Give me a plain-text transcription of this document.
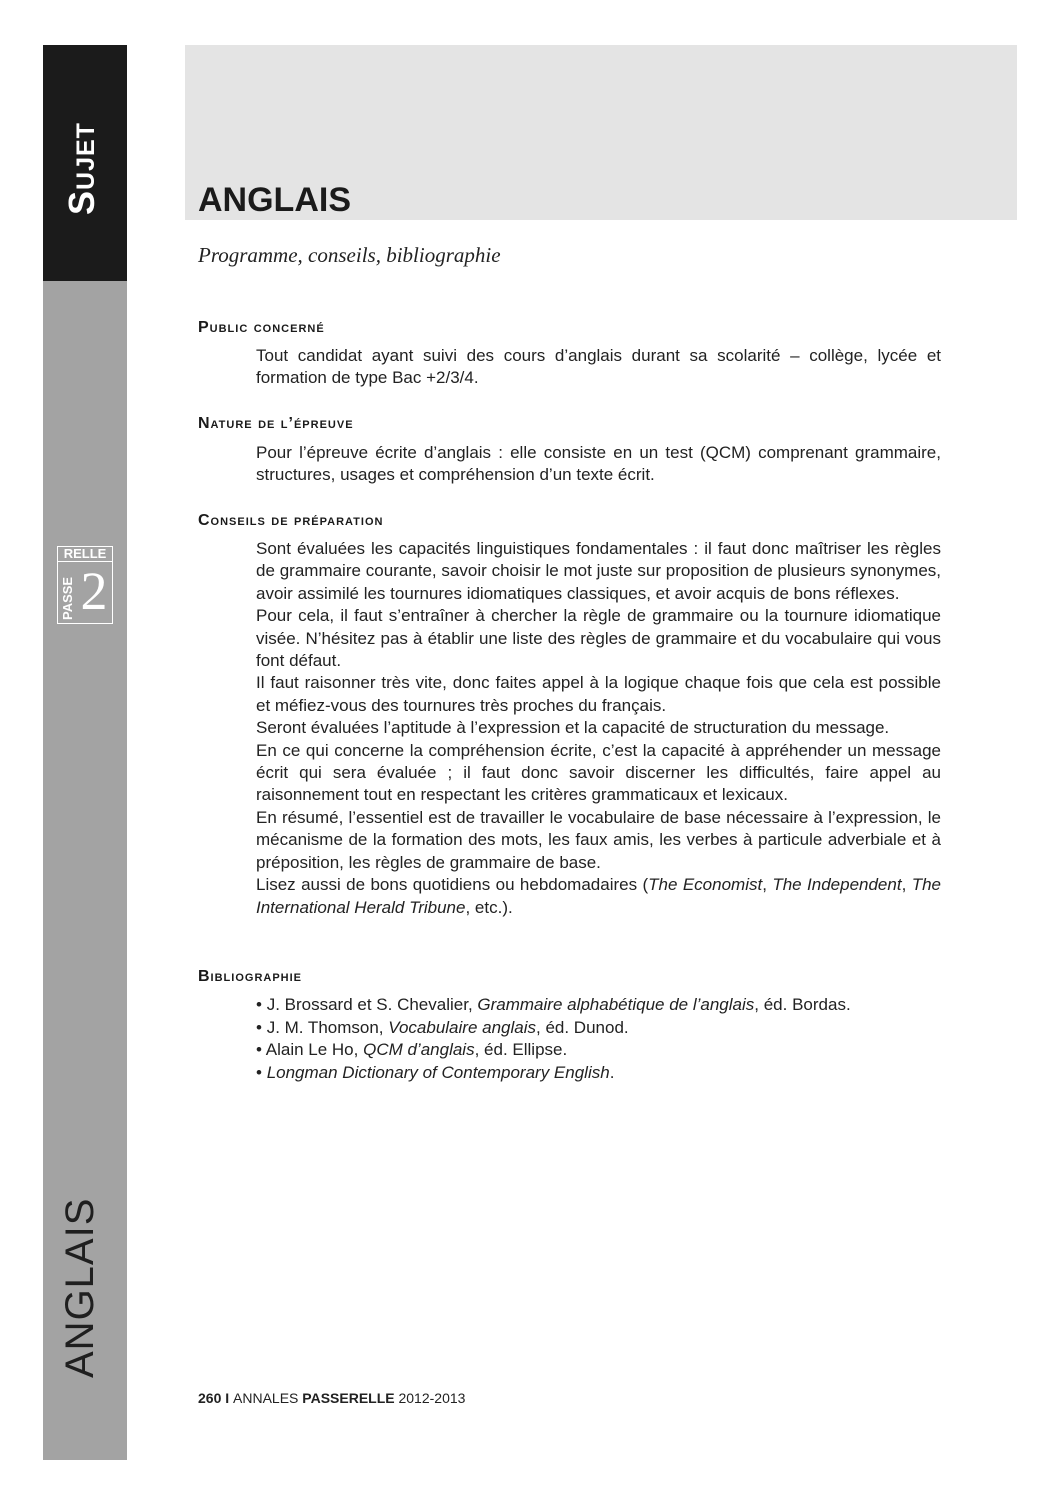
Sujet
RELLE
PASSE 2
ANGLAIS
ANGLAIS
Programme, conseils, bibliographie
Public concerné

Tout candidat ayant suivi des cours d’anglais durant sa scolarité – collège, lycée et formation de type Bac +2/3/4.

Nature de l’épreuve

Pour l’épreuve écrite d’anglais : elle consiste en un test (QCM) comprenant grammaire, structures, usages et compréhension d’un texte écrit.

Conseils de préparation

Sont évaluées les capacités linguistiques fondamentales : il faut donc maîtriser les règles de grammaire courante, savoir choisir le mot juste sur proposition de plusieurs synonymes, avoir assimilé les tournures idiomatiques classiques, et avoir acquis de bons réflexes.

Pour cela, il faut s’entraîner à chercher la règle de grammaire ou la tournure idiomatique visée. N’hésitez pas à établir une liste des règles de grammaire et du vocabulaire qui vous font défaut.

Il faut raisonner très vite, donc faites appel à la logique chaque fois que cela est possible et méfiez-vous des tournures très proches du français.

Seront évaluées l’aptitude à l’expression et la capacité de structuration du message.

En ce qui concerne la compréhension écrite, c’est la capacité à appréhender un message écrit qui sera évaluée ; il faut donc savoir discerner les difficultés, faire appel au raisonnement tout en respectant les critères grammaticaux et lexicaux.

En résumé, l’essentiel est de travailler le vocabulaire de base nécessaire à l’expression, le mécanisme de la formation des mots, les faux amis, les verbes à particule adverbiale et à préposition, les règles de grammaire de base.

Lisez aussi de bons quotidiens ou hebdomadaires (The Economist, The Independent, The International Herald Tribune, etc.).

Bibliographie
• J. Brossard et S. Chevalier, Grammaire alphabétique de l’anglais, éd. Bordas.
• J. M. Thomson, Vocabulaire anglais, éd. Dunod.
• Alain Le Ho, QCM d’anglais, éd. Ellipse.
• Longman Dictionary of Contemporary English.
260 I ANNALES PASSERELLE 2012-2013
